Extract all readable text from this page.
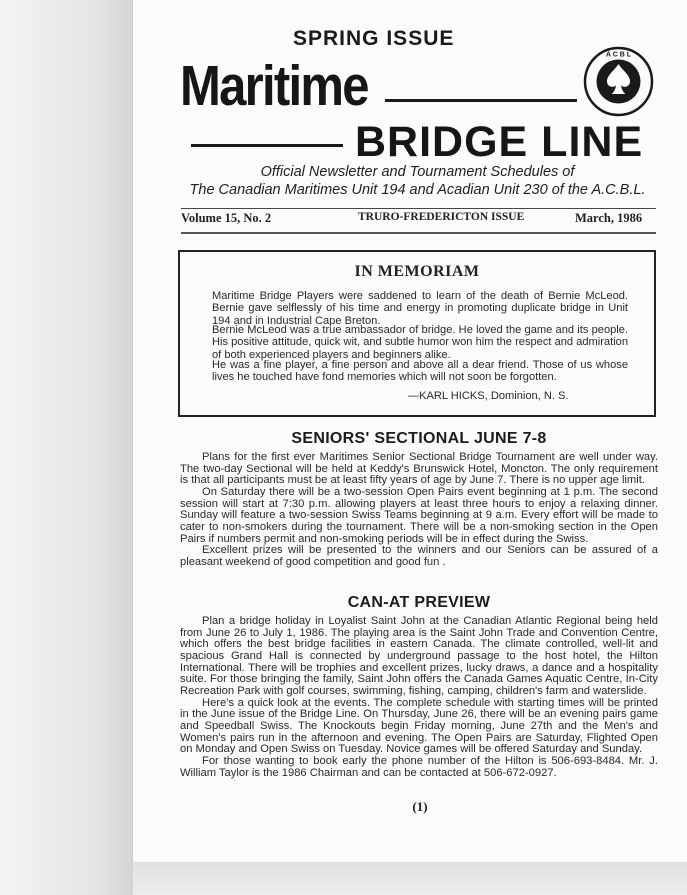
SPRING ISSUE
Maritime
BRIDGE LINE
A C B L
Official Newsletter and Tournament Schedules of
The Canadian Maritimes Unit 194 and Acadian Unit 230 of the A.C.B.L.
Volume 15, No. 2	TRURO-FREDERICTON ISSUE	March, 1986
IN MEMORIAM
Maritime Bridge Players were saddened to learn of the death of Bernie McLeod. Bernie gave selflessly of his time and energy in promoting duplicate bridge in Unit 194 and in Industrial Cape Breton.
Bernie McLeod was a true ambassador of bridge. He loved the game and its people. His positive attitude, quick wit, and subtle humor won him the respect and admiration of both experienced players and beginners alike.
He was a fine player, a fine person and above all a dear friend. Those of us whose lives he touched have fond memories which will not soon be forgotten.
—KARL HICKS, Dominion, N. S.
SENIORS' SECTIONAL JUNE 7-8

Plans for the first ever Maritimes Senior Sectional Bridge Tournament are well under way. The two-day Sectional will be held at Keddy's Brunswick Hotel, Moncton. The only requirement is that all participants must be at least fifty years of age by June 7. There is no upper age limit.

On Saturday there will be a two-session Open Pairs event beginning at 1 p.m. The second session will start at 7:30 p.m. allowing players at least three hours to enjoy a relaxing dinner. Sunday will feature a two-session Swiss Teams beginning at 9 a.m. Every effort will be made to cater to non-smokers during the tournament. There will be a non-smoking section in the Open Pairs if numbers permit and non-smoking periods will be in effect during the Swiss.

Excellent prizes will be presented to the winners and our Seniors can be assured of a pleasant weekend of good competition and good fun .

CAN-AT PREVIEW

Plan a bridge holiday in Loyalist Saint John at the Canadian Atlantic Regional being held from June 26 to July 1, 1986. The playing area is the Saint John Trade and Convention Centre, which offers the best bridge facilities in eastern Canada. The climate controlled, well-lit and spacious Grand Hall is connected by underground passage to the host hotel, the Hilton International. There will be trophies and excellent prizes, lucky draws, a dance and a hospitality suite. For those bringing the family, Saint John offers the Canada Games Aquatic Centre, In-City Recreation Park with golf courses, swimming, fishing, camping, children's farm and waterslide.

Here's a quick look at the events. The complete schedule with starting times will be printed in the June issue of the Bridge Line. On Thursday, June 26, there will be an evening pairs game and Speedball Swiss. The Knockouts begin Friday morning, June 27th and the Men's and Women's pairs run in the afternoon and evening. The Open Pairs are Saturday, Flighted Open on Monday and Open Swiss on Tuesday. Novice games will be offered Saturday and Sunday.

For those wanting to book early the phone number of the Hilton is 506-693-8484. Mr. J. William Taylor is the 1986 Chairman and can be contacted at 506-672-0927.

(1)
